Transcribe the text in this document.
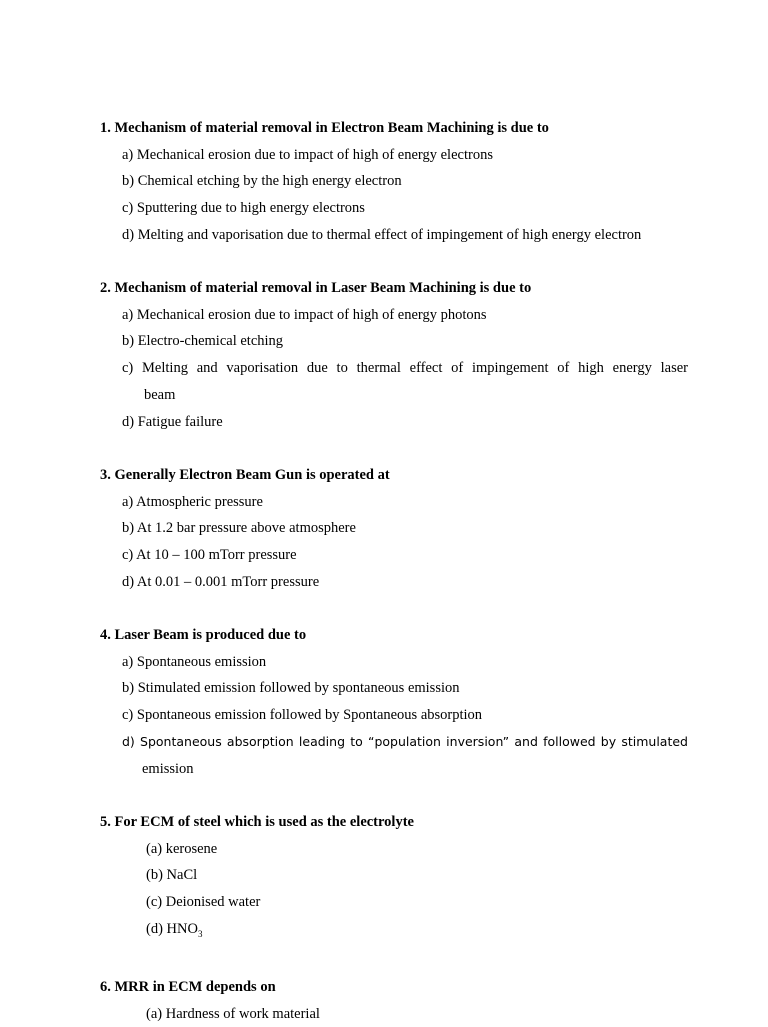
1. Mechanism of material removal in Electron Beam Machining is due to
a) Mechanical erosion due to impact of high of energy electrons
b) Chemical etching by the high energy electron
c) Sputtering due to high energy electrons
d) Melting and vaporisation due to thermal effect of impingement of high energy electron
2. Mechanism of material removal in Laser Beam Machining is due to
a) Mechanical erosion due to impact of high of energy photons
b) Electro-chemical etching
c) Melting and vaporisation due to thermal effect of impingement of high energy laser
beam
d) Fatigue failure
3. Generally Electron Beam Gun is operated at
a) Atmospheric pressure
b) At 1.2 bar pressure above atmosphere
c) At 10 – 100 mTorr pressure
d) At 0.01 – 0.001 mTorr pressure
4. Laser Beam is produced due to
a) Spontaneous emission
b) Stimulated emission followed by spontaneous emission
c) Spontaneous emission followed by Spontaneous absorption
d) Spontaneous absorption leading to “population inversion” and followed by stimulated
emission
5. For ECM of steel which is used as the electrolyte
(a) kerosene
(b) NaCl
(c) Deionised water
(d) $HNO_3$
6. MRR in ECM depends on
(a) Hardness of work material
